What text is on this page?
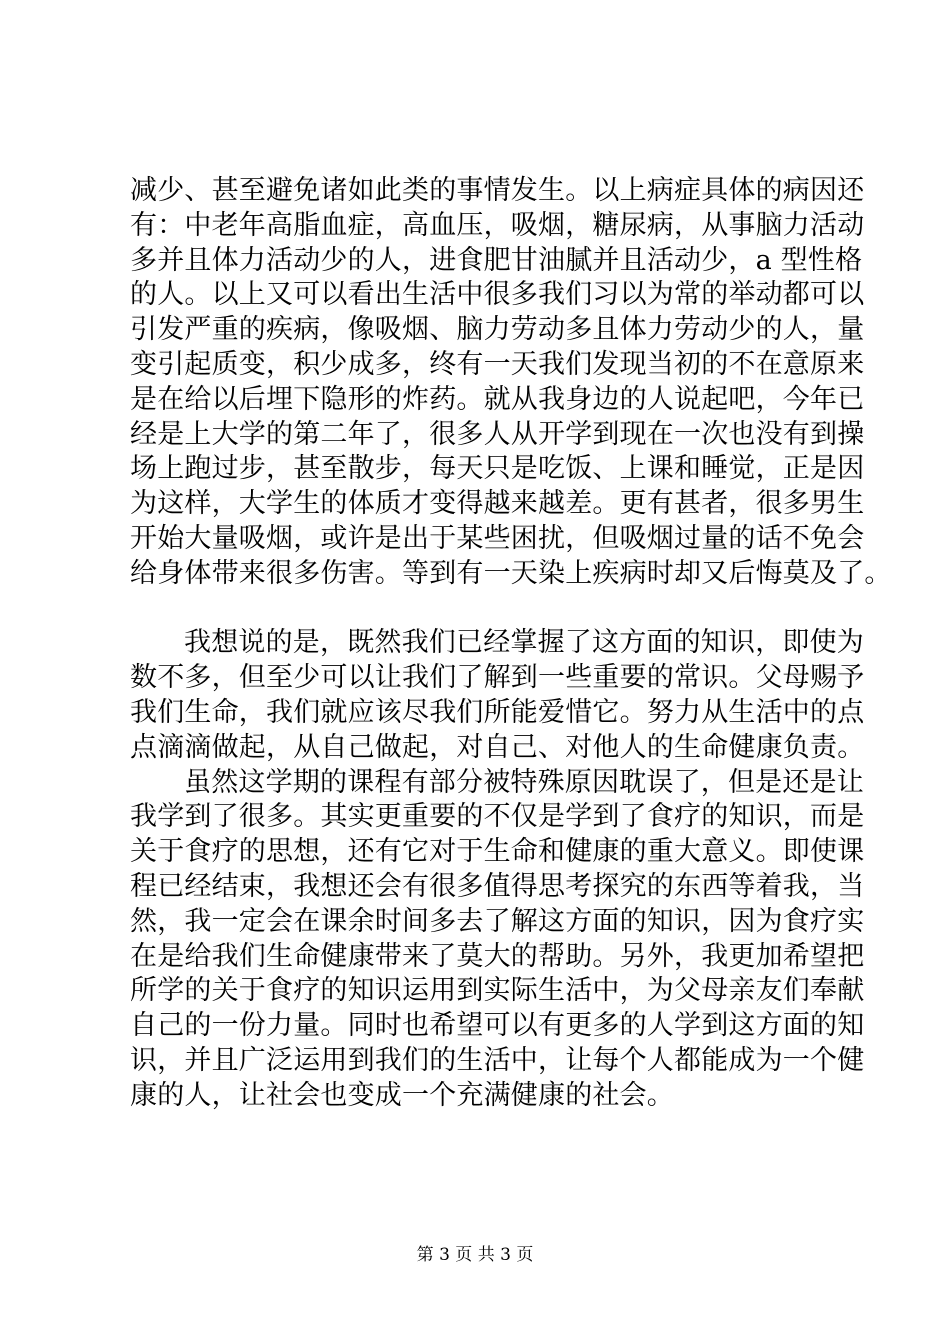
减少、甚至避免诸如此类的事情发生。以上病症具体的病因还
有：中老年高脂血症，高血压，吸烟，糖尿病，从事脑力活动
多并且体力活动少的人，进食肥甘油腻并且活动少，a 型性格
的人。以上又可以看出生活中很多我们习以为常的举动都可以
引发严重的疾病，像吸烟、脑力劳动多且体力劳动少的人，量
变引起质变，积少成多，终有一天我们发现当初的不在意原来
是在给以后埋下隐形的炸药。就从我身边的人说起吧，今年已
经是上大学的第二年了，很多人从开学到现在一次也没有到操
场上跑过步，甚至散步，每天只是吃饭、上课和睡觉，正是因
为这样，大学生的体质才变得越来越差。更有甚者，很多男生
开始大量吸烟，或许是出于某些困扰，但吸烟过量的话不免会
给身体带来很多伤害。等到有一天染上疾病时却又后悔莫及了。
我想说的是，既然我们已经掌握了这方面的知识，即使为
数不多，但至少可以让我们了解到一些重要的常识。父母赐予
我们生命，我们就应该尽我们所能爱惜它。努力从生活中的点
点滴滴做起，从自己做起，对自己、对他人的生命健康负责。
虽然这学期的课程有部分被特殊原因耽误了，但是还是让
我学到了很多。其实更重要的不仅是学到了食疗的知识，而是
关于食疗的思想，还有它对于生命和健康的重大意义。即使课
程已经结束，我想还会有很多值得思考探究的东西等着我，当
然，我一定会在课余时间多去了解这方面的知识，因为食疗实
在是给我们生命健康带来了莫大的帮助。另外，我更加希望把
所学的关于食疗的知识运用到实际生活中，为父母亲友们奉献
自己的一份力量。同时也希望可以有更多的人学到这方面的知
识，并且广泛运用到我们的生活中，让每个人都能成为一个健
康的人，让社会也变成一个充满健康的社会。
第 3 页 共 3 页
